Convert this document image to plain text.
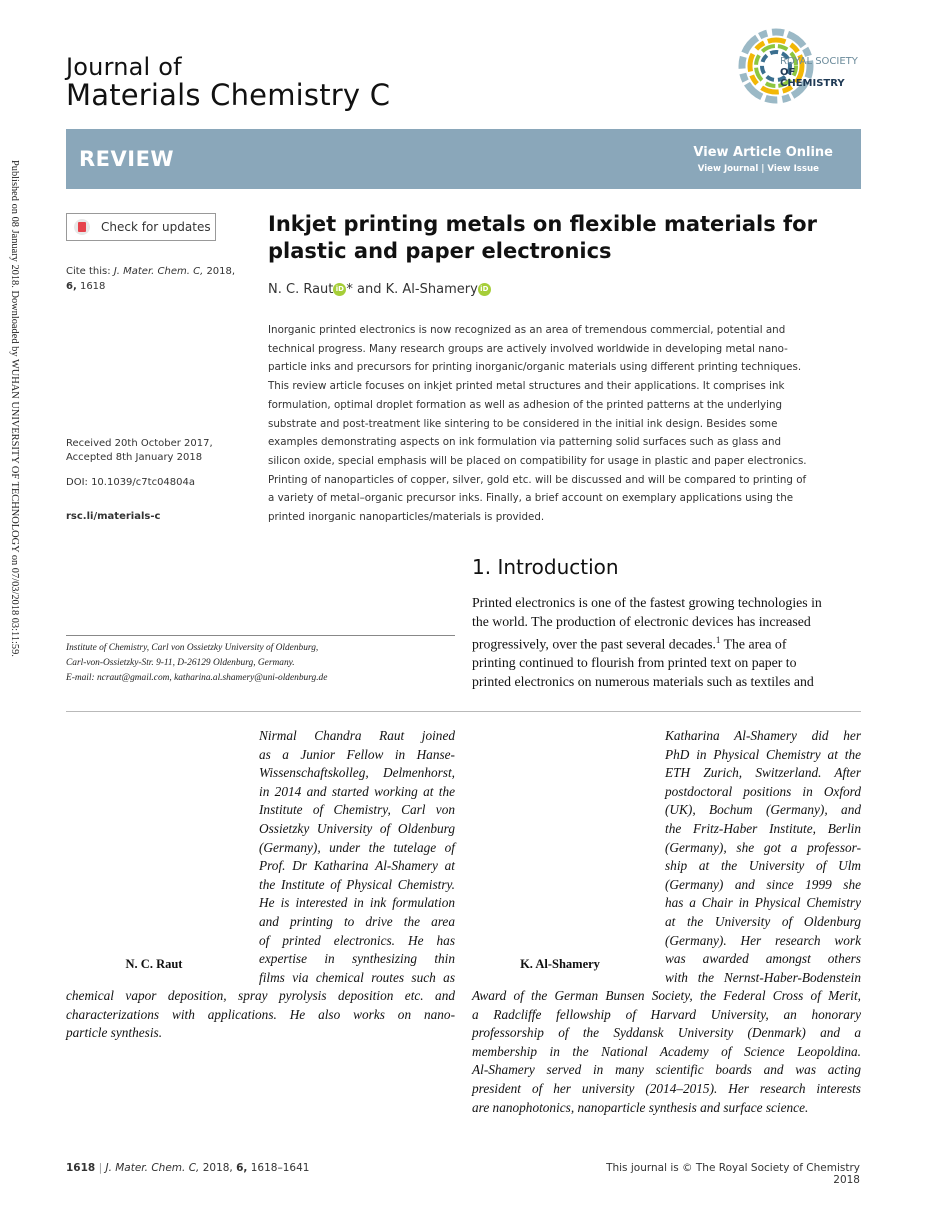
Published on 08 January 2018. Downloaded by WUHAN UNIVERSITY OF TECHNOLOGY on 07/03/2018 03:11:59.
Journal of
Materials Chemistry C
ROYAL SOCIETY
OF CHEMISTRY
REVIEW	View Article Online
View Journal | View Issue
Check for updates
Cite this: J. Mater. Chem. C, 2018,
6, 1618
Received 20th October 2017,
Accepted 8th January 2018
DOI: 10.1039/c7tc04804a
rsc.li/materials-c
Inkjet printing metals on flexible materials for
plastic and paper electronics
N. C. Raut iD * and K. Al-Shamery iD
Inorganic printed electronics is now recognized as an area of tremendous commercial, potential and
technical progress. Many research groups are actively involved worldwide in developing metal nano-
particle inks and precursors for printing inorganic/organic materials using different printing techniques.
This review article focuses on inkjet printed metal structures and their applications. It comprises ink
formulation, optimal droplet formation as well as adhesion of the printed patterns at the underlying
substrate and post-treatment like sintering to be considered in the initial ink design. Besides some
examples demonstrating aspects on ink formulation via patterning solid surfaces such as glass and
silicon oxide, special emphasis will be placed on compatibility for usage in plastic and paper electronics.
Printing of nanoparticles of copper, silver, gold etc. will be discussed and will be compared to printing of
a variety of metal–organic precursor inks. Finally, a brief account on exemplary applications using the
printed inorganic nanoparticles/materials is provided.
1. Introduction
Printed electronics is one of the fastest growing technologies in
the world. The production of electronic devices has increased
progressively, over the past several decades.$^1$ The area of
printing continued to flourish from printed text on paper to
printed electronics on numerous materials such as textiles and
Institute of Chemistry, Carl von Ossietzky University of Oldenburg,
Carl-von-Ossietzky-Str. 9-11, D-26129 Oldenburg, Germany.
E-mail: ncraut@gmail.com, katharina.al.shamery@uni-oldenburg.de
N. C. Raut
Nirmal Chandra Raut joined
as a Junior Fellow in Hanse-
Wissenschaftskolleg, Delmenhorst,
in 2014 and started working at the
Institute of Chemistry, Carl von
Ossietzky University of Oldenburg
(Germany), under the tutelage of
Prof. Dr Katharina Al-Shamery at
the Institute of Physical Chemistry.
He is interested in ink formulation
and printing to drive the area
of printed electronics. He has
expertise in synthesizing thin
films via chemical routes such as
chemical vapor deposition, spray pyrolysis deposition etc. and
characterizations with applications. He also works on nano-
particle synthesis.
K. Al-Shamery
Katharina Al-Shamery did her
PhD in Physical Chemistry at the
ETH Zurich, Switzerland. After
postdoctoral positions in Oxford
(UK), Bochum (Germany), and
the Fritz-Haber Institute, Berlin
(Germany), she got a professor-
ship at the University of Ulm
(Germany) and since 1999 she
has a Chair in Physical Chemistry
at the University of Oldenburg
(Germany). Her research work
was awarded amongst others
with the Nernst-Haber-Bodenstein
Award of the German Bunsen Society, the Federal Cross of Merit,
a Radcliffe fellowship of Harvard University, an honorary
professorship of the Syddansk University (Denmark) and a
membership in the National Academy of Science Leopoldina.
Al-Shamery served in many scientific boards and was acting
president of her university (2014–2015). Her research interests
are nanophotonics, nanoparticle synthesis and surface science.
1618 | J. Mater. Chem. C, 2018, 6, 1618–1641	This journal is © The Royal Society of Chemistry 2018
